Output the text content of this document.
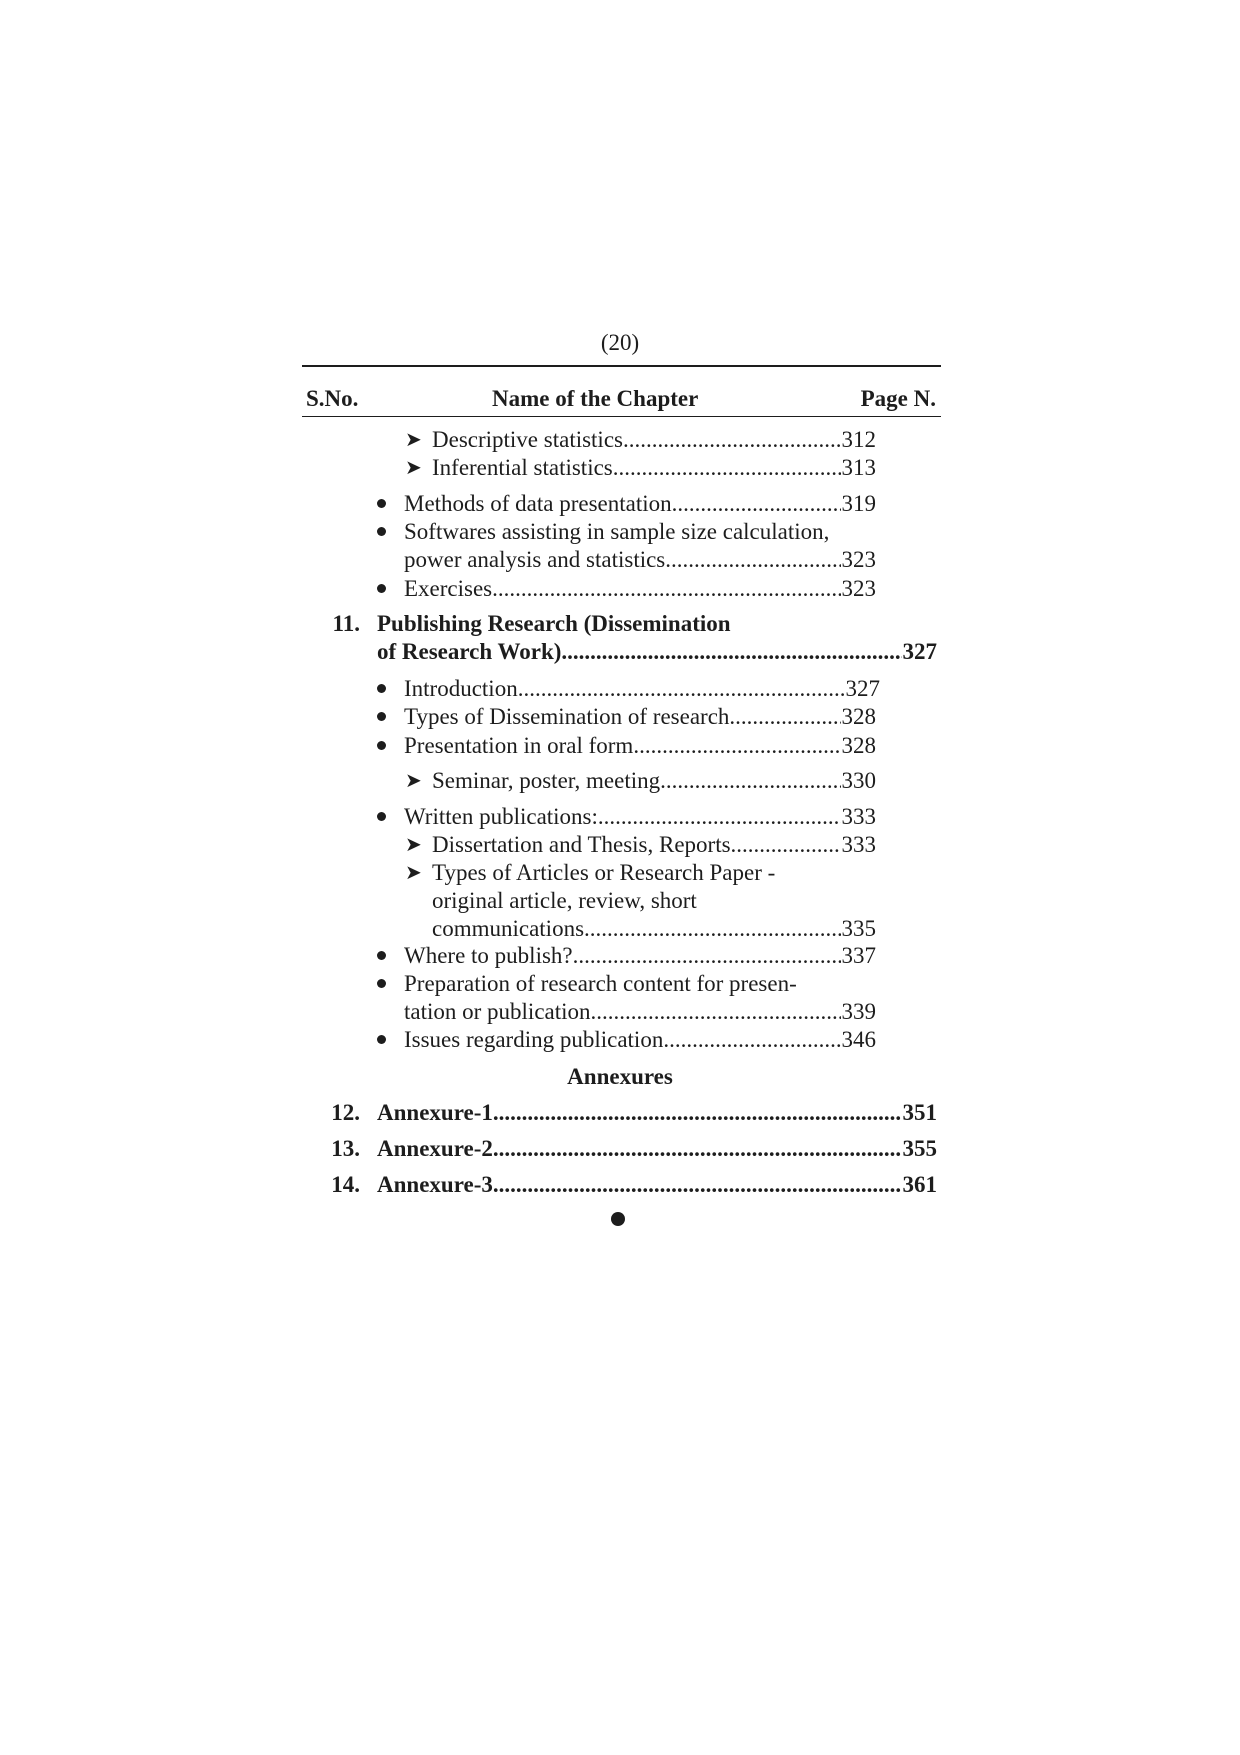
(20)
S.No.	Name of the Chapter	Page N.
➤ Descriptive statistics .....	312
➤ Inferential statistics .....	313
Methods of data presentation .....	319
Softwares assisting in sample size calculation,
power analysis and statistics .....	323
Exercises .....	323
11. Publishing Research (Dissemination
of Research Work) .....	327
Introduction .....	327
Types of Dissemination of research .....	328
Presentation in oral form .....	328
➤ Seminar, poster, meeting .....	330
Written publications: .....	333
➤ Dissertation and Thesis, Reports .....	333
➤ Types of Articles or Research Paper -
original article, review, short
communications .....	335
Where to publish? .....	337
Preparation of research content for presen-
tation or publication .....	339
Issues regarding publication .....	346
Annexures
12. Annexure-1 .....	351
13. Annexure-2 .....	355
14. Annexure-3 .....	361
